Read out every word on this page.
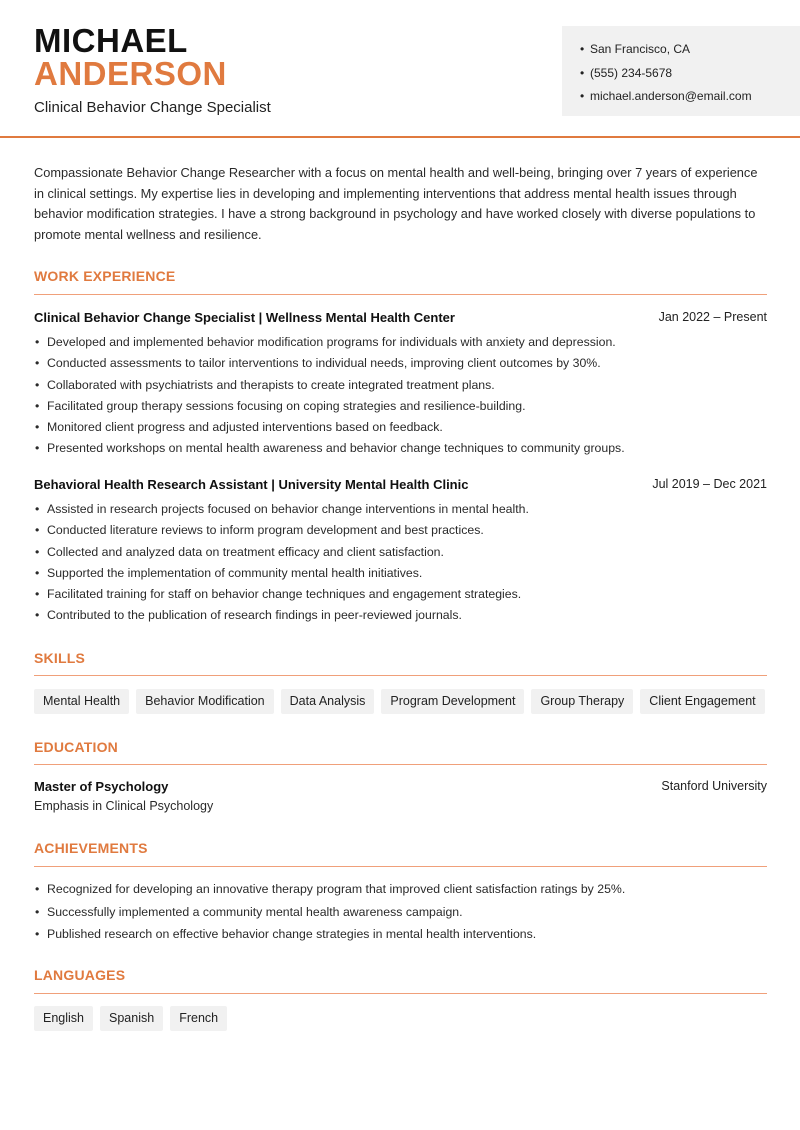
MICHAEL
ANDERSON
Clinical Behavior Change Specialist
• San Francisco, CA
• (555) 234-5678
• michael.anderson@email.com

Compassionate Behavior Change Researcher with a focus on mental health and well-being, bringing over 7 years of experience in clinical settings. My expertise lies in developing and implementing interventions that address mental health issues through behavior modification strategies. I have a strong background in psychology and have worked closely with diverse populations to promote mental wellness and resilience.

WORK EXPERIENCE
Clinical Behavior Change Specialist | Wellness Mental Health Center	Jan 2022 – Present
• Developed and implemented behavior modification programs for individuals with anxiety and depression.
• Conducted assessments to tailor interventions to individual needs, improving client outcomes by 30%.
• Collaborated with psychiatrists and therapists to create integrated treatment plans.
• Facilitated group therapy sessions focusing on coping strategies and resilience-building.
• Monitored client progress and adjusted interventions based on feedback.
• Presented workshops on mental health awareness and behavior change techniques to community groups.
Behavioral Health Research Assistant | University Mental Health Clinic	Jul 2019 – Dec 2021
• Assisted in research projects focused on behavior change interventions in mental health.
• Conducted literature reviews to inform program development and best practices.
• Collected and analyzed data on treatment efficacy and client satisfaction.
• Supported the implementation of community mental health initiatives.
• Facilitated training for staff on behavior change techniques and engagement strategies.
• Contributed to the publication of research findings in peer-reviewed journals.
SKILLS
Mental Health	Behavior Modification	Data Analysis	Program Development	Group Therapy	Client Engagement
EDUCATION
Master of Psychology	Stanford University
Emphasis in Clinical Psychology
ACHIEVEMENTS
• Recognized for developing an innovative therapy program that improved client satisfaction ratings by 25%.
• Successfully implemented a community mental health awareness campaign.
• Published research on effective behavior change strategies in mental health interventions.
LANGUAGES
English	Spanish	French
